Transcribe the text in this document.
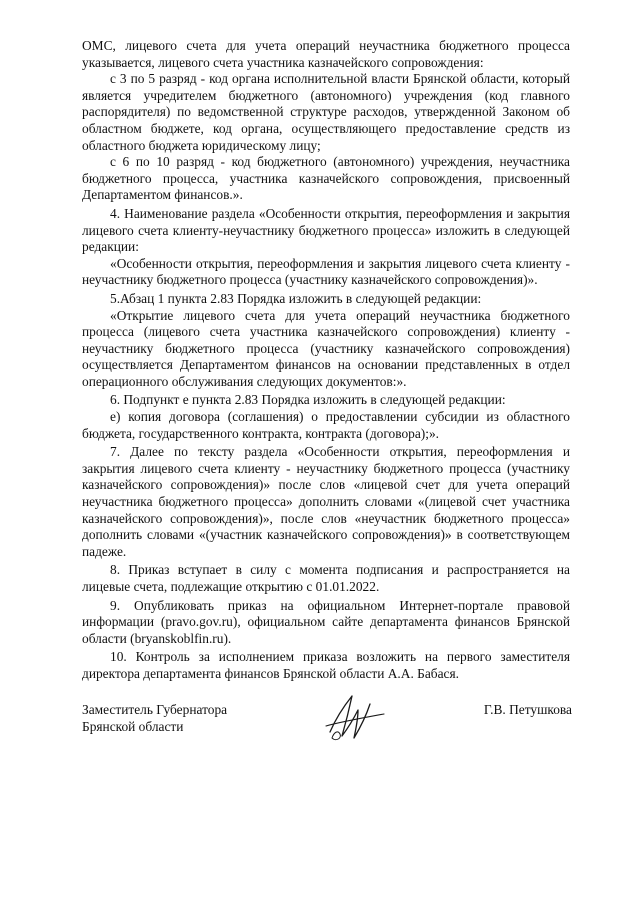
ОМС, лицевого счета для учета операций неучастника бюджетного процесса указывается, лицевого счета участника казначейского сопровождения:

с 3 по 5 разряд - код органа исполнительной власти Брянской области, который является учредителем бюджетного (автономного) учреждения (код главного распорядителя) по ведомственной структуре расходов, утвержденной Законом об областном бюджете, код органа, осуществляющего предоставление средств из областного бюджета юридическому лицу;

с 6 по 10 разряд - код бюджетного (автономного) учреждения, неучастника бюджетного процесса, участника казначейского сопровождения, присвоенный Департаментом финансов.».

4. Наименование раздела «Особенности открытия, переоформления и закрытия лицевого счета клиенту-неучастнику бюджетного процесса» изложить в следующей редакции:

«Особенности открытия, переоформления и закрытия лицевого счета клиенту - неучастнику бюджетного процесса (участнику казначейского сопровождения)».

5.Абзац 1 пункта 2.83 Порядка изложить в следующей редакции:

«Открытие лицевого счета для учета операций неучастника бюджетного процесса (лицевого счета участника казначейского сопровождения) клиенту - неучастнику бюджетного процесса (участнику казначейского сопровождения) осуществляется Департаментом финансов на основании представленных в отдел операционного обслуживания следующих документов:».

6. Подпункт е пункта 2.83 Порядка изложить в следующей редакции:

е) копия договора (соглашения) о предоставлении субсидии из областного бюджета, государственного контракта, контракта (договора);».

7. Далее по тексту раздела «Особенности открытия, переоформления и закрытия лицевого счета клиенту - неучастнику бюджетного процесса (участнику казначейского сопровождения)» после слов «лицевой счет для учета операций неучастника бюджетного процесса» дополнить словами «(лицевой счет участника казначейского сопровождения)», после слов «неучастник бюджетного процесса» дополнить словами «(участник казначейского сопровождения)» в соответствующем падеже.

8. Приказ вступает в силу с момента подписания и распространяется на лицевые счета, подлежащие открытию с 01.01.2022.

9. Опубликовать приказ на официальном Интернет-портале правовой информации (pravo.gov.ru), официальном сайте департамента финансов Брянской области (bryanskoblfin.ru).

10. Контроль за исполнением приказа возложить на первого заместителя директора департамента финансов Брянской области А.А. Бабася.

Заместитель Губернатора
Брянской области
Г.В. Петушкова
